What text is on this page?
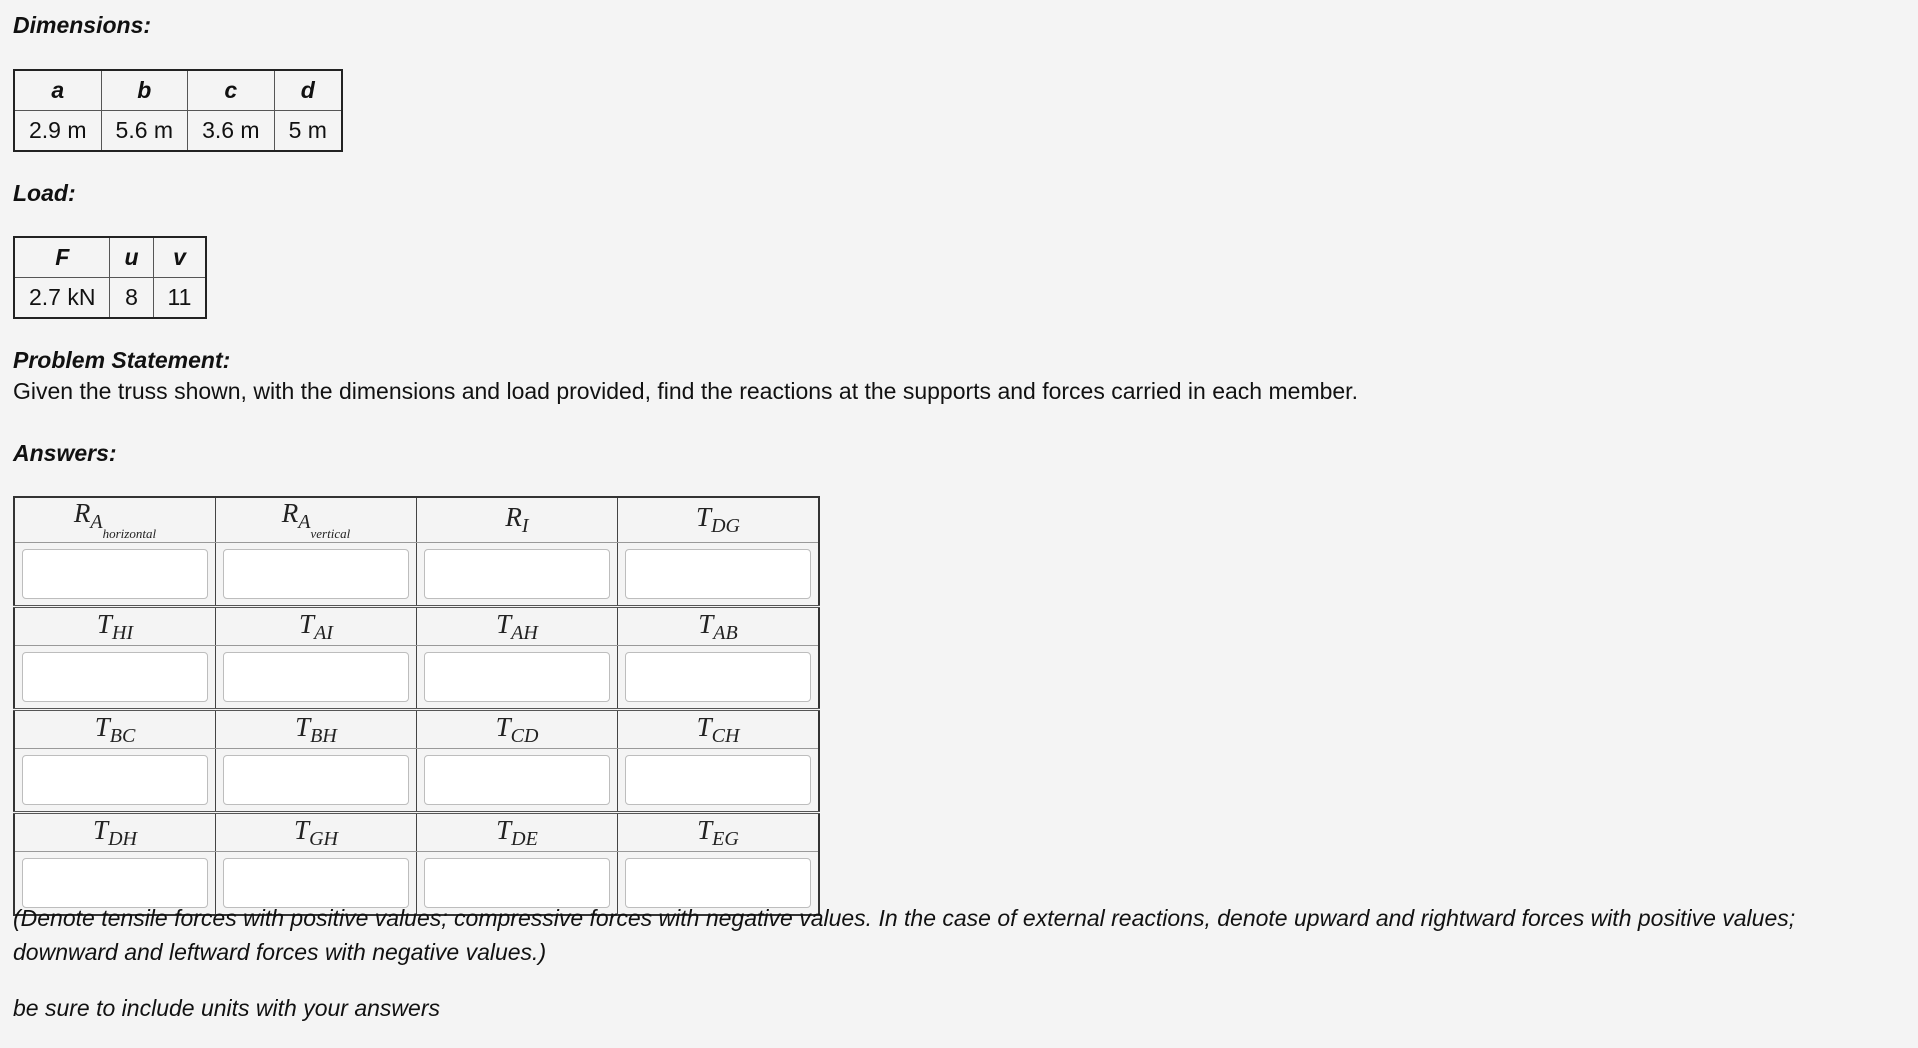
Dimensions:
a	b	c	d
2.9 m	5.6 m	3.6 m	5 m
Load:
F	u	v
2.7 kN	8	11
Problem Statement:
Given the truss shown, with the dimensions and load provided, find the reactions at the supports and forces carried in each member.
Answers:
$R_{A_{horizontal}}$	$R_{A_{vertical}}$	$R_I$	$T_{DG}$

$T_{HI}$	$T_{AI}$	$T_{AH}$	$T_{AB}$

$T_{BC}$	$T_{BH}$	$T_{CD}$	$T_{CH}$

$T_{DH}$	$T_{GH}$	$T_{DE}$	$T_{EG}$

(Denote tensile forces with positive values; compressive forces with negative values. In the case of external reactions, denote upward and rightward forces with positive values; downward and leftward forces with negative values.)
be sure to include units with your answers
